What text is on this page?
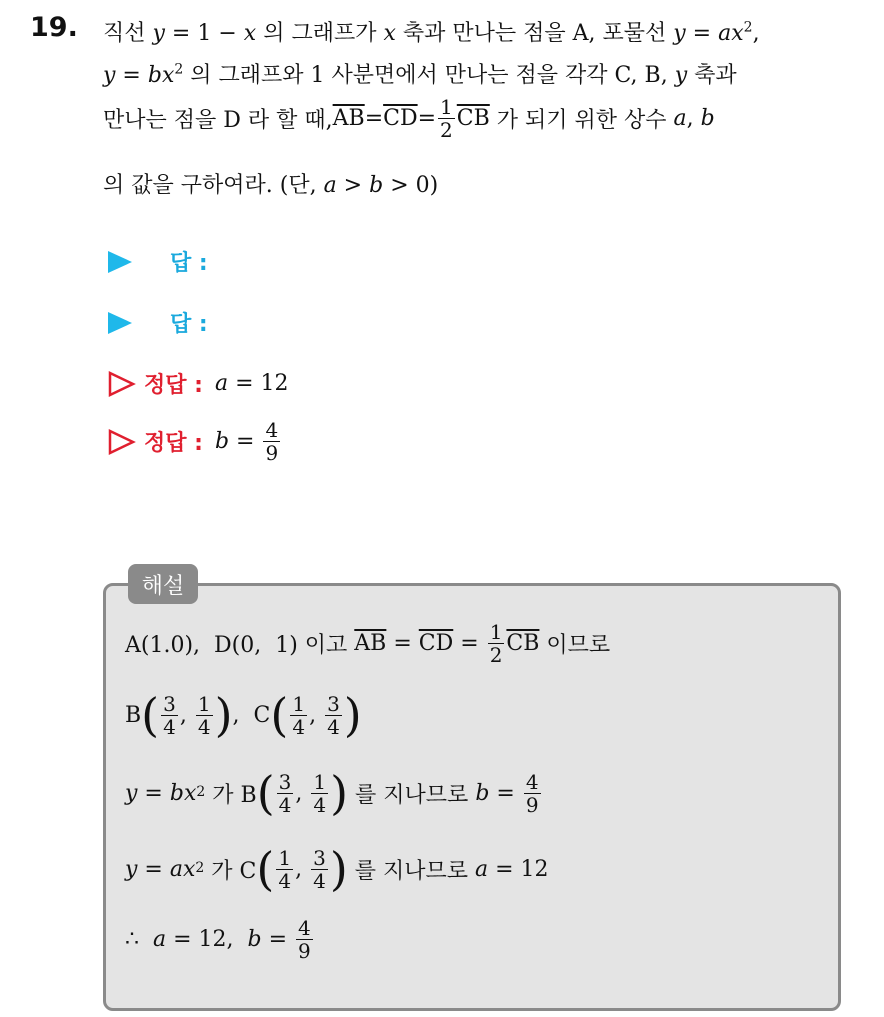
19. 직선 y = 1 − x 의 그래프가 x 축과 만나는 점을 A, 포물선 $y = ax^2$,
$y = bx^2$ 의 그래프와 1 사분면에서 만나는 점을 각각 C, B, y 축과
만나는 점을 D 라 할 때, $\overline{AB} = \overline{CD} = \frac{1}{2} \overline{CB}$ 가 되기 위한 상수 a , b
의 값을 구하여라. (단, a > b > 0)
답 :
답 :
정답 : a = 12
정답 : $b = \frac{4}{9}$
해설
A(1.0),  D(0,  1) 이고 $\overline{AB} = \overline{CD} = \frac{1}{2} \overline{CB}$ 이므로
B ( $\frac{3}{4}$ , $\frac{1}{4}$ ) , C ( $\frac{1}{4}$ , $\frac{3}{4}$ )
y = bx 2 가 B ( $\frac{3}{4}$ , $\frac{1}{4}$ ) 를 지나므로 $b = \frac{4}{9}$
y = ax 2 가 C ( $\frac{1}{4}$ , $\frac{3}{4}$ ) 를 지나므로 a = 12
∴ a = 12, $b = \frac{4}{9}$
